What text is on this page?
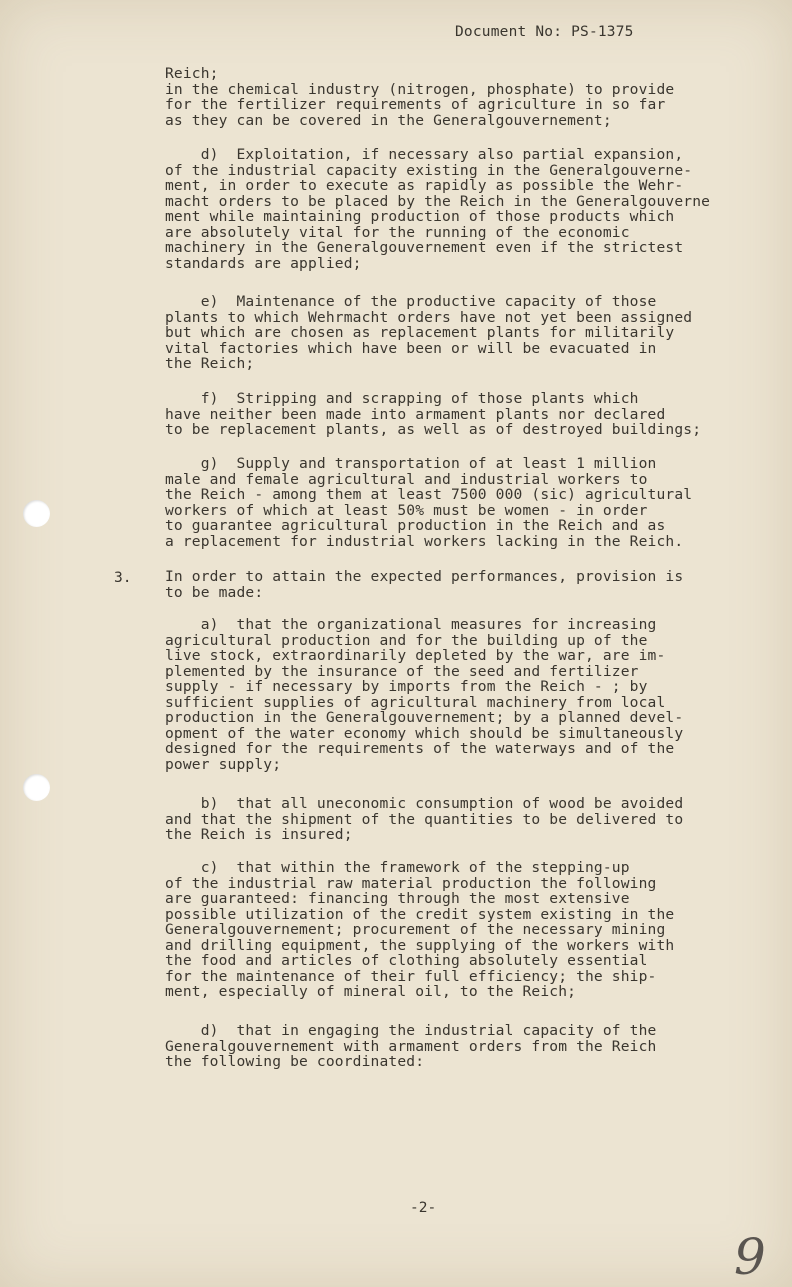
Document No: PS-1375
Reich;
in the chemical industry (nitrogen, phosphate) to provide
for the fertilizer requirements of agriculture in so far
as they can be covered in the Generalgouvernement;
d)  Exploitation, if necessary also partial expansion,
of the industrial capacity existing in the Generalgouverne-
ment, in order to execute as rapidly as possible the Wehr-
macht orders to be placed by the Reich in the Generalgouverne
ment while maintaining production of those products which
are absolutely vital for the running of the economic
machinery in the Generalgouvernement even if the strictest
standards are applied;
e)  Maintenance of the productive capacity of those
plants to which Wehrmacht orders have not yet been assigned
but which are chosen as replacement plants for militarily
vital factories which have been or will be evacuated in
the Reich;
f)  Stripping and scrapping of those plants which
have neither been made into armament plants nor declared
to be replacement plants, as well as of destroyed buildings;
g)  Supply and transportation of at least 1 million
male and female agricultural and industrial workers to
the Reich - among them at least 7500 000 (sic) agricultural
workers of which at least 50% must be women - in order
to guarantee agricultural production in the Reich and as
a replacement for industrial workers lacking in the Reich.
3. In order to attain the expected performances, provision is
to be made:
a)  that the organizational measures for increasing
agricultural production and for the building up of the
live stock, extraordinarily depleted by the war, are im-
plemented by the insurance of the seed and fertilizer
supply - if necessary by imports from the Reich - ; by
sufficient supplies of agricultural machinery from local
production in the Generalgouvernement; by a planned devel-
opment of the water economy which should be simultaneously
designed for the requirements of the waterways and of the
power supply;
b)  that all uneconomic consumption of wood be avoided
and that the shipment of the quantities to be delivered to
the Reich is insured;
c)  that within the framework of the stepping-up
of the industrial raw material production the following
are guaranteed: financing through the most extensive
possible utilization of the credit system existing in the
Generalgouvernement; procurement of the necessary mining
and drilling equipment, the supplying of the workers with
the food and articles of clothing absolutely essential
for the maintenance of their full efficiency; the ship-
ment, especially of mineral oil, to the Reich;
d)  that in engaging the industrial capacity of the
Generalgouvernement with armament orders from the Reich
the following be coordinated:
-2-
9
